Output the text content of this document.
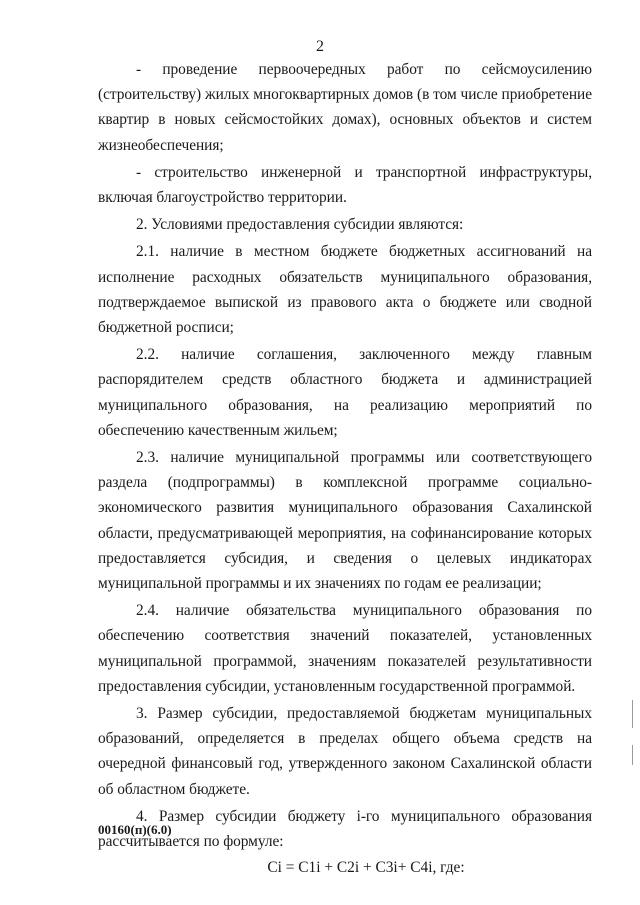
2

- проведение первоочередных работ по сейсмоусилению (строительству) жилых многоквартирных домов (в том числе приобретение квартир в новых сейсмостойких домах), основных объектов и систем жизнеобеспечения;

- строительство инженерной и транспортной инфраструктуры, включая благоустройство территории.

2. Условиями предоставления субсидии являются:

2.1. наличие в местном бюджете бюджетных ассигнований на исполнение расходных обязательств муниципального образования, подтверждаемое выпиской из правового акта о бюджете или сводной бюджетной росписи;

2.2. наличие соглашения, заключенного между главным распорядителем средств областного бюджета и администрацией муниципального образования, на реализацию мероприятий по обеспечению качественным жильем;

2.3. наличие муниципальной программы или соответствующего раздела (подпрограммы) в комплексной программе социально-экономического развития муниципального образования Сахалинской области, предусматривающей мероприятия, на софинансирование которых предоставляется субсидия, и сведения о целевых индикаторах муниципальной программы и их значениях по годам ее реализации;

2.4. наличие обязательства муниципального образования по обеспечению соответствия значений показателей, установленных муниципальной программой, значениям показателей результативности предоставления субсидии, установленным государственной программой.

3. Размер субсидии, предоставляемой бюджетам муниципальных образований, определяется в пределах общего объема средств на очередной финансовый год, утвержденного законом Сахалинской области об областном бюджете.

4. Размер субсидии бюджету i-го муниципального образования рассчитывается по формуле:

Ci = C1i + C2i + C3i+ C4i, где:

00160(п)(6.0)
